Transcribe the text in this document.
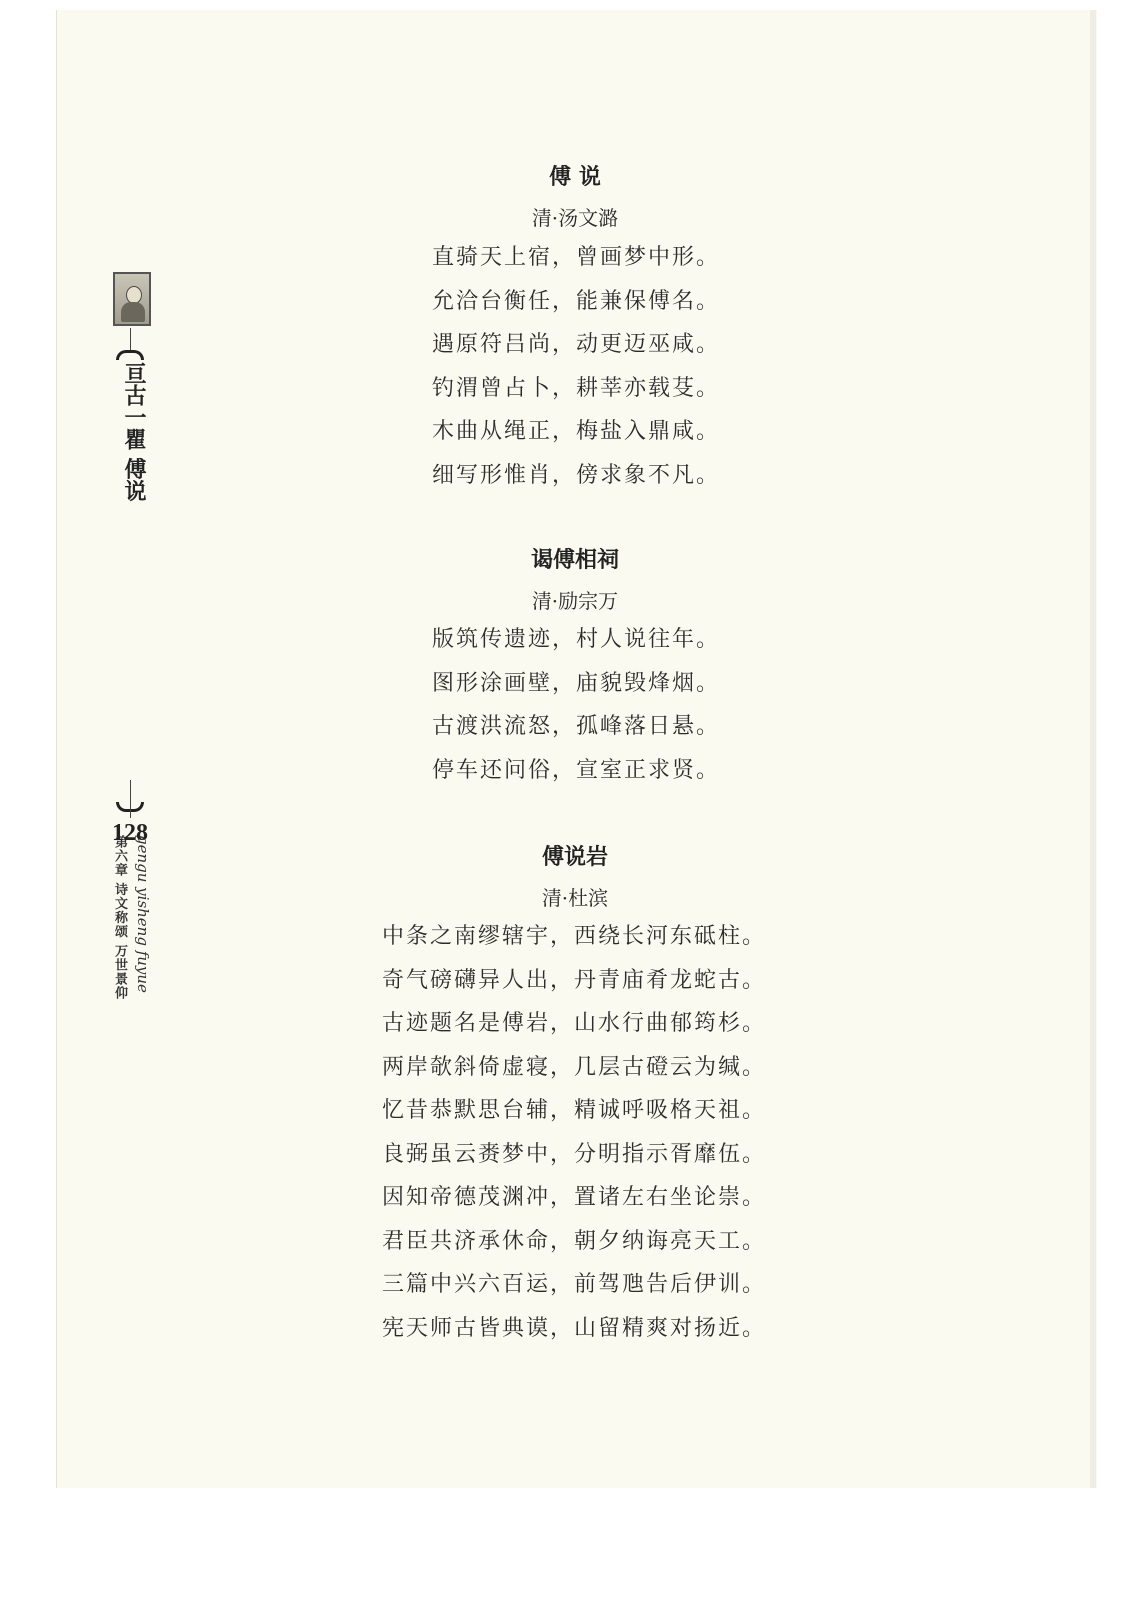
亘古一瞿 傅说
第六章 诗文称颂 万世景仰 gengu yisheng fuyue
128
傅 说
清·汤文潞
直骑天上宿，曾画梦中形。
允洽台衡任，能兼保傅名。
遇原符吕尚，动更迈巫咸。
钓渭曾占卜，耕莘亦载芟。
木曲从绳正，梅盐入鼎咸。
细写形惟肖，傍求象不凡。
谒傅相祠
清·励宗万
版筑传遗迹，村人说往年。
图形涂画壁，庙貌毁烽烟。
古渡洪流怒，孤峰落日悬。
停车还问俗，宣室正求贤。
傅说岩
清·杜滨
中条之南缪辖宇，西绕长河东砥柱。
奇气磅礴异人出，丹青庙肴龙蛇古。
古迹题名是傅岩，山水行曲郁筠杉。
两岸欹斜倚虚寝，几层古磴云为缄。
忆昔恭默思台辅，精诚呼吸格天祖。
良弼虽云赉梦中，分明指示胥靡伍。
因知帝德茂渊冲，置诸左右坐论崇。
君臣共济承休命，朝夕纳诲亮天工。
三篇中兴六百运，前驾虺告后伊训。
宪天师古皆典谟，山留精爽对扬近。
